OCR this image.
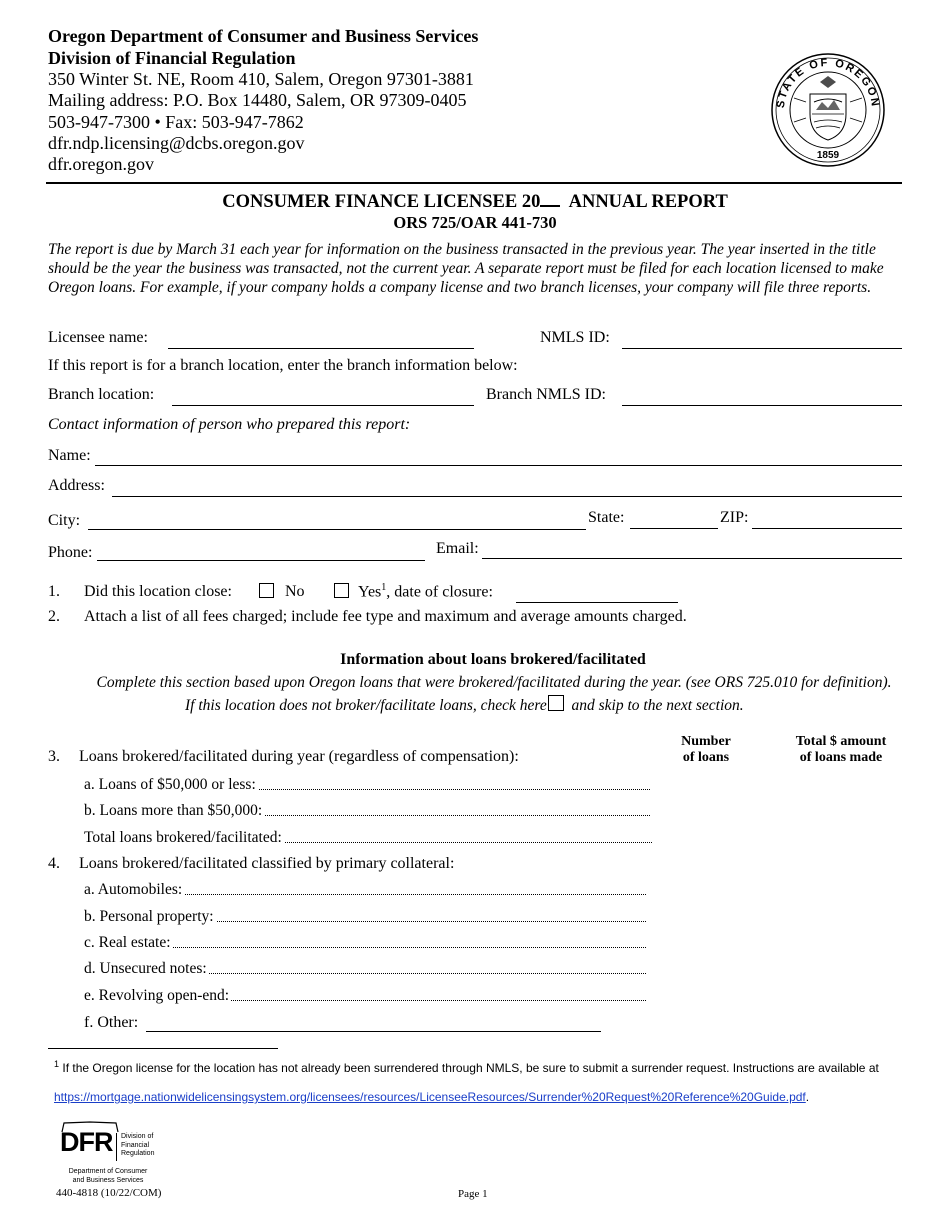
Oregon Department of Consumer and Business Services
Division of Financial Regulation
350 Winter St. NE, Room 410, Salem, Oregon 97301-3881
Mailing address: P.O. Box 14480, Salem, OR 97309-0405
503-947-7300 • Fax: 503-947-7862
dfr.ndp.licensing@dcbs.oregon.gov
dfr.oregon.gov
STATE OF OREGON
1859
CONSUMER FINANCE LICENSEE 20 ANNUAL REPORT
ORS 725/OAR 441-730
The report is due by March 31 each year for information on the business transacted in the previous year. The year inserted in the title should be the year the business was transacted, not the current year. A separate report must be filed for each location licensed to make Oregon loans. For example, if your company holds a company license and two branch licenses, your company will file three reports.
Licensee name:	NMLS ID:
If this report is for a branch location, enter the branch information below:
Branch location:	Branch NMLS ID:
Contact information of person who prepared this report:
Name:
Address:
City:	State:	ZIP:
Phone:	Email:
1. Did this location close:	No	Yes$^1$, date of closure:
2. Attach a list of all fees charged; include fee type and maximum and average amounts charged.
Information about loans brokered/facilitated
Complete this section based upon Oregon loans that were brokered/facilitated during the year. (see ORS 725.010 for definition).
If this location does not broker/facilitate loans, check here and skip to the next section.
Number
of loans
Total $ amount
of loans made
3. Loans brokered/facilitated during year (regardless of compensation):
a. Loans of $50,000 or less:
b. Loans more than $50,000:
Total loans brokered/facilitated:
4. Loans brokered/facilitated classified by primary collateral:
a. Automobiles:
b. Personal property:
c. Real estate:
d. Unsecured notes:
e. Revolving open-end:
f. Other:
$^1$ If the Oregon license for the location has not already been surrendered through NMLS, be sure to submit a surrender request. Instructions are available at
https://mortgage.nationwidelicensingsystem.org/licensees/resources/LicenseeResources/Surrender%20Request%20Reference%20Guide.pdf.
DFR Division of
Financial
Regulation
Department of Consumer
and Business Services
440-4818 (10/22/COM)	Page 1
